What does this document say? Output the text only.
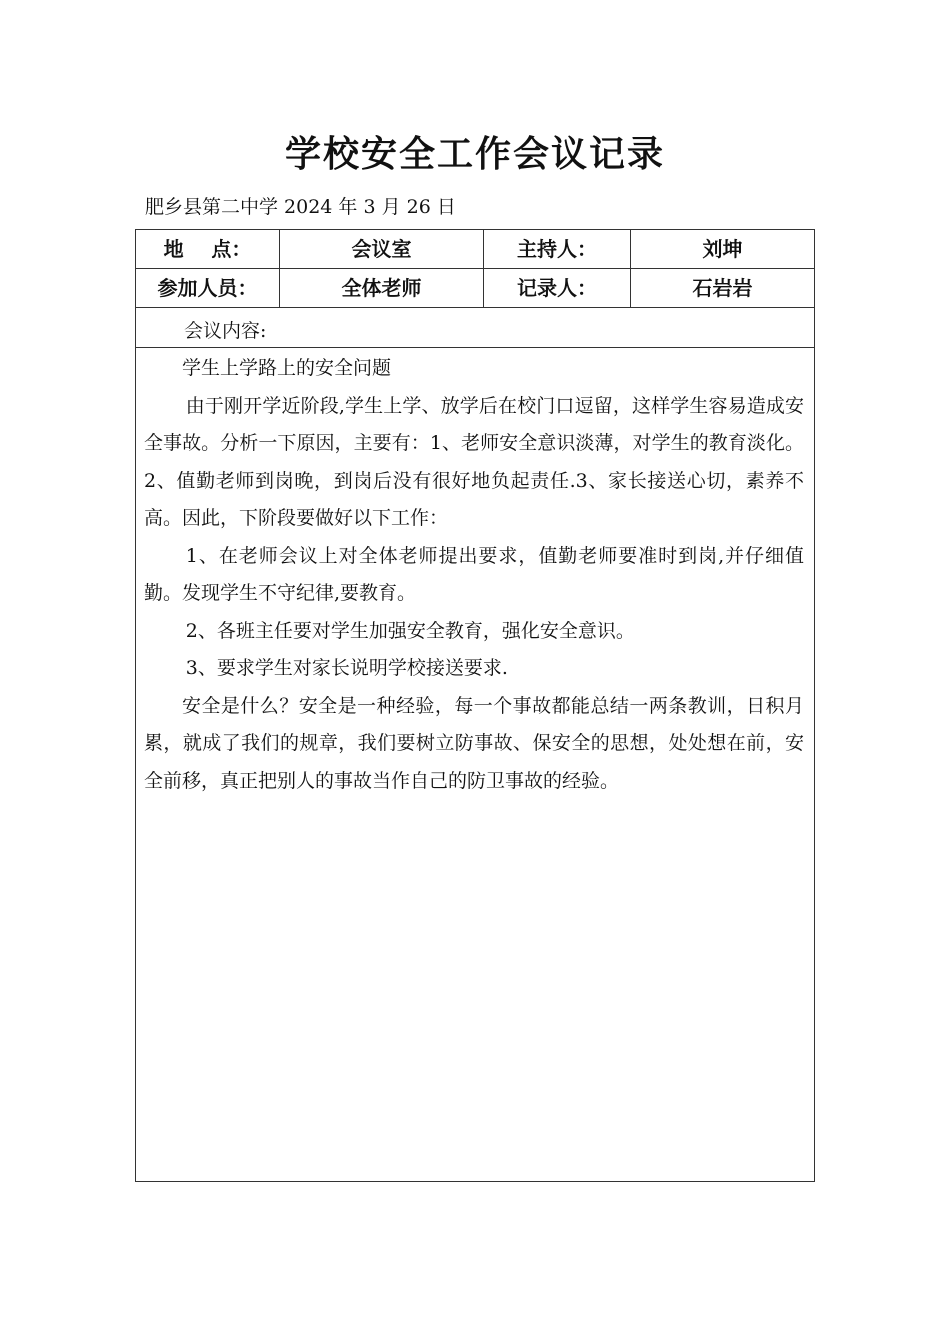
学校安全工作会议记录
肥乡县第二中学 2024 年 3 月 26 日
地    点：	会议室	主持人：	刘坤
参加人员：	全体老师	记录人：	石岩岩
会议内容:

学生上学路上的安全问题

由于刚开学近阶段,学生上学、放学后在校门口逗留，这样学生容易造成安全事故。分析一下原因，主要有：1、老师安全意识淡薄，对学生的教育淡化。2、值勤老师到岗晚，到岗后没有很好地负起责任.3、家长接送心切，素养不高。因此，下阶段要做好以下工作：

1、在老师会议上对全体老师提出要求，值勤老师要准时到岗,并仔细值勤。发现学生不守纪律,要教育。

2、各班主任要对学生加强安全教育，强化安全意识。

3、要求学生对家长说明学校接送要求.

安全是什么？安全是一种经验，每一个事故都能总结一两条教训，日积月累，就成了我们的规章，我们要树立防事故、保安全的思想，处处想在前，安全前移，真正把别人的事故当作自己的防卫事故的经验。
